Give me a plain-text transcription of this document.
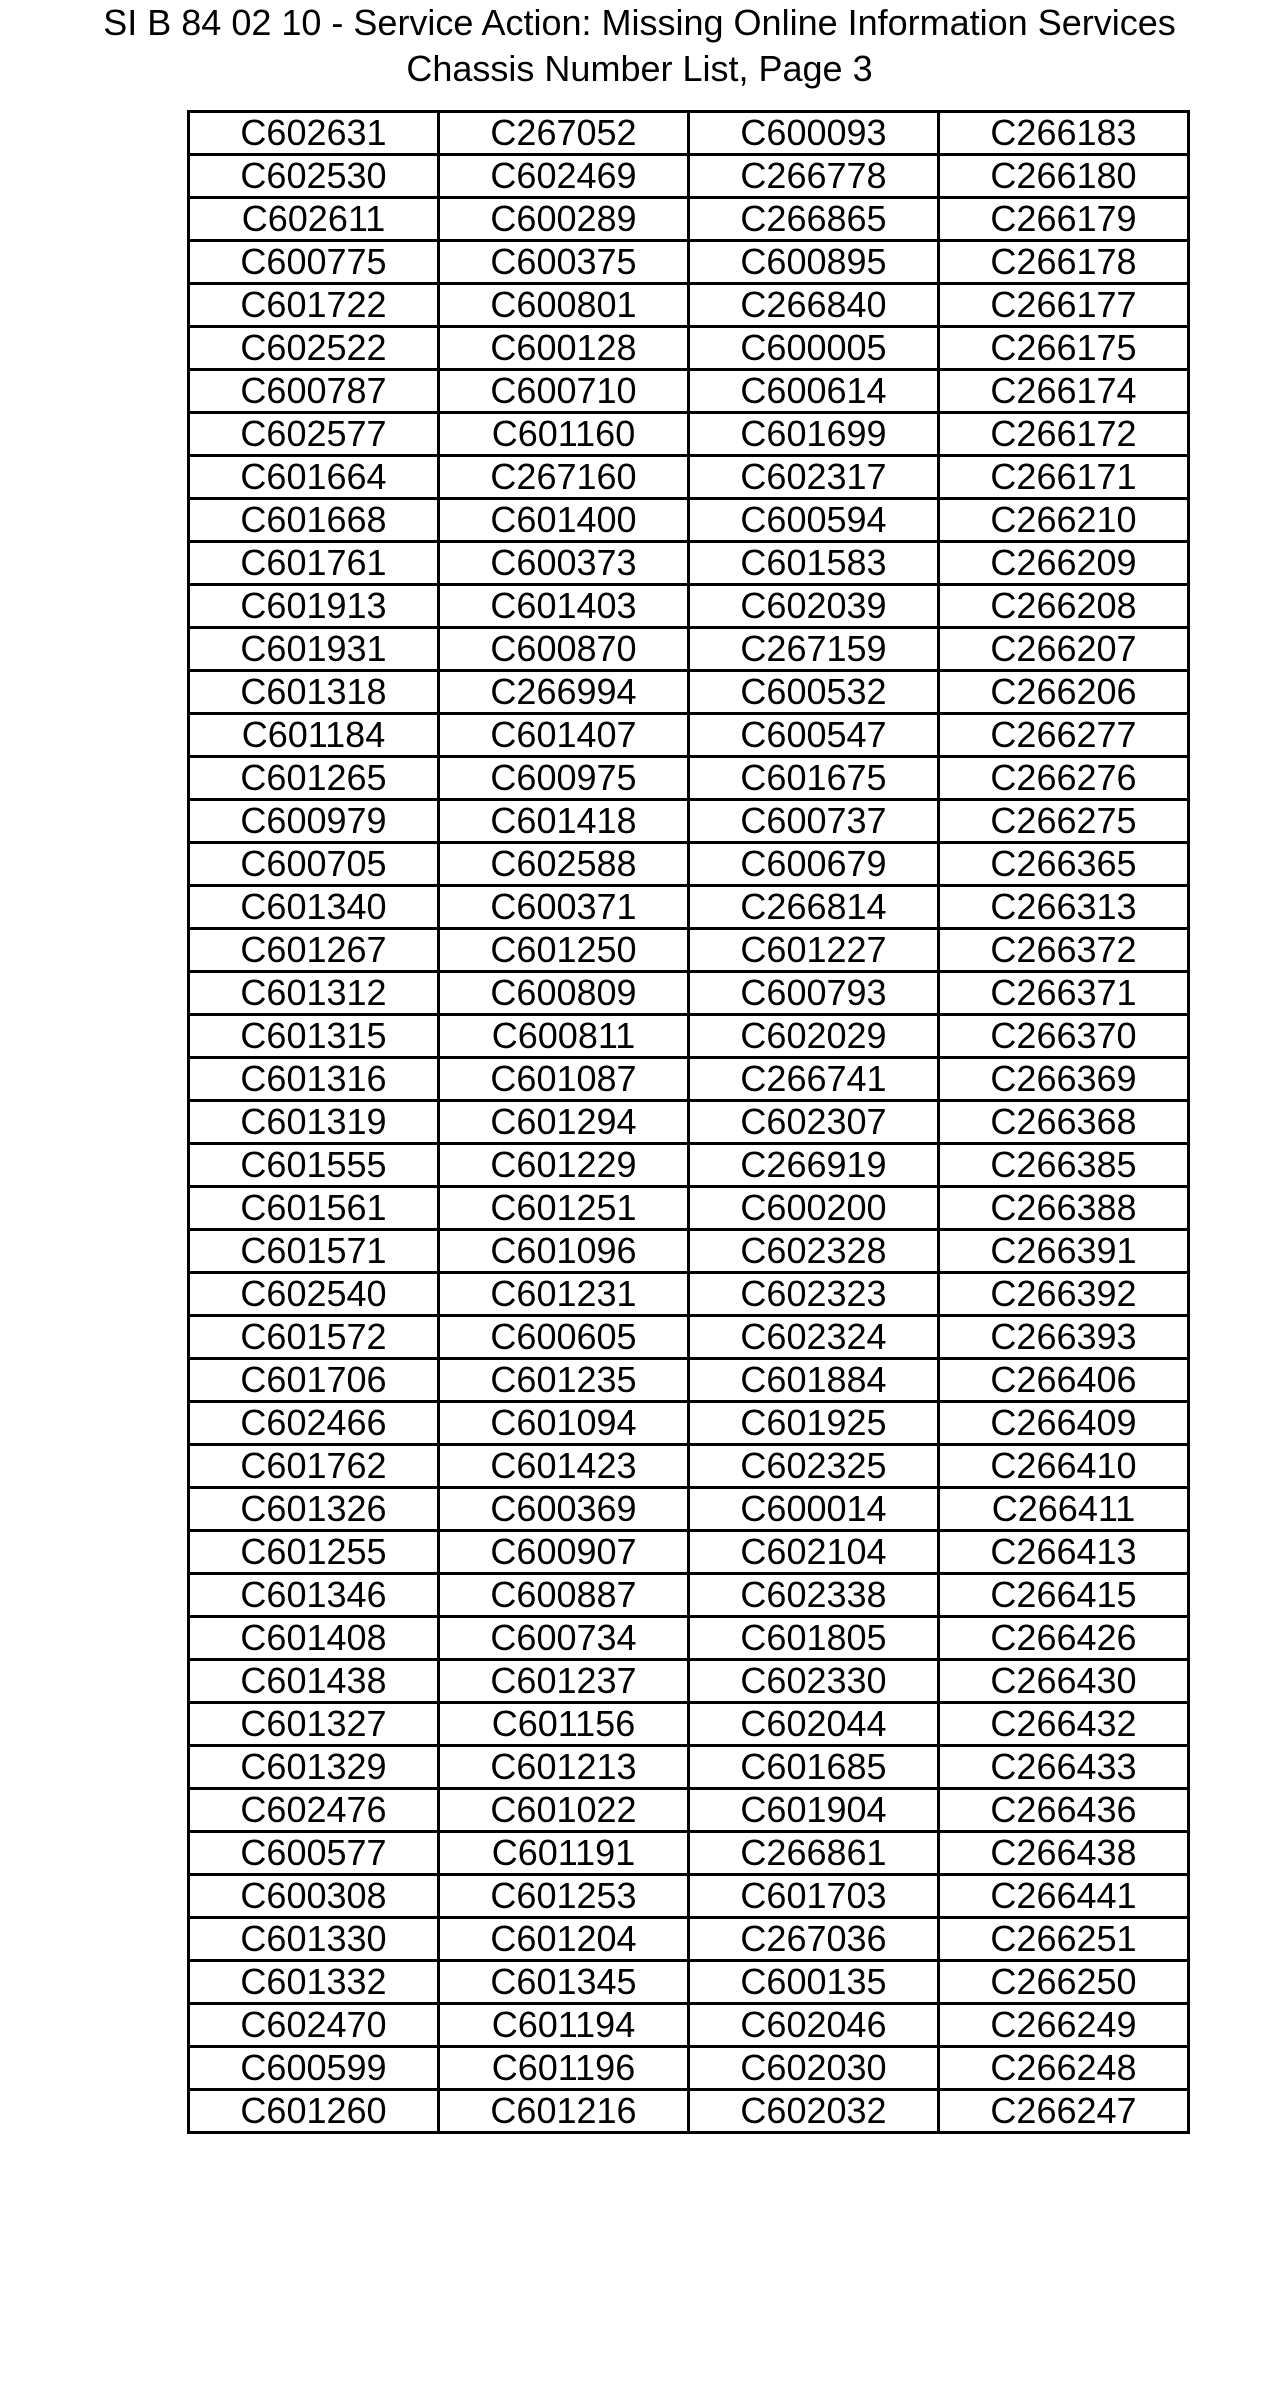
SI B 84 02 10 - Service Action: Missing Online Information Services
Chassis Number List, Page 3
C602631	C267052	C600093	C266183
C602530	C602469	C266778	C266180
C602611	C600289	C266865	C266179
C600775	C600375	C600895	C266178
C601722	C600801	C266840	C266177
C602522	C600128	C600005	C266175
C600787	C600710	C600614	C266174
C602577	C601160	C601699	C266172
C601664	C267160	C602317	C266171
C601668	C601400	C600594	C266210
C601761	C600373	C601583	C266209
C601913	C601403	C602039	C266208
C601931	C600870	C267159	C266207
C601318	C266994	C600532	C266206
C601184	C601407	C600547	C266277
C601265	C600975	C601675	C266276
C600979	C601418	C600737	C266275
C600705	C602588	C600679	C266365
C601340	C600371	C266814	C266313
C601267	C601250	C601227	C266372
C601312	C600809	C600793	C266371
C601315	C600811	C602029	C266370
C601316	C601087	C266741	C266369
C601319	C601294	C602307	C266368
C601555	C601229	C266919	C266385
C601561	C601251	C600200	C266388
C601571	C601096	C602328	C266391
C602540	C601231	C602323	C266392
C601572	C600605	C602324	C266393
C601706	C601235	C601884	C266406
C602466	C601094	C601925	C266409
C601762	C601423	C602325	C266410
C601326	C600369	C600014	C266411
C601255	C600907	C602104	C266413
C601346	C600887	C602338	C266415
C601408	C600734	C601805	C266426
C601438	C601237	C602330	C266430
C601327	C601156	C602044	C266432
C601329	C601213	C601685	C266433
C602476	C601022	C601904	C266436
C600577	C601191	C266861	C266438
C600308	C601253	C601703	C266441
C601330	C601204	C267036	C266251
C601332	C601345	C600135	C266250
C602470	C601194	C602046	C266249
C600599	C601196	C602030	C266248
C601260	C601216	C602032	C266247
